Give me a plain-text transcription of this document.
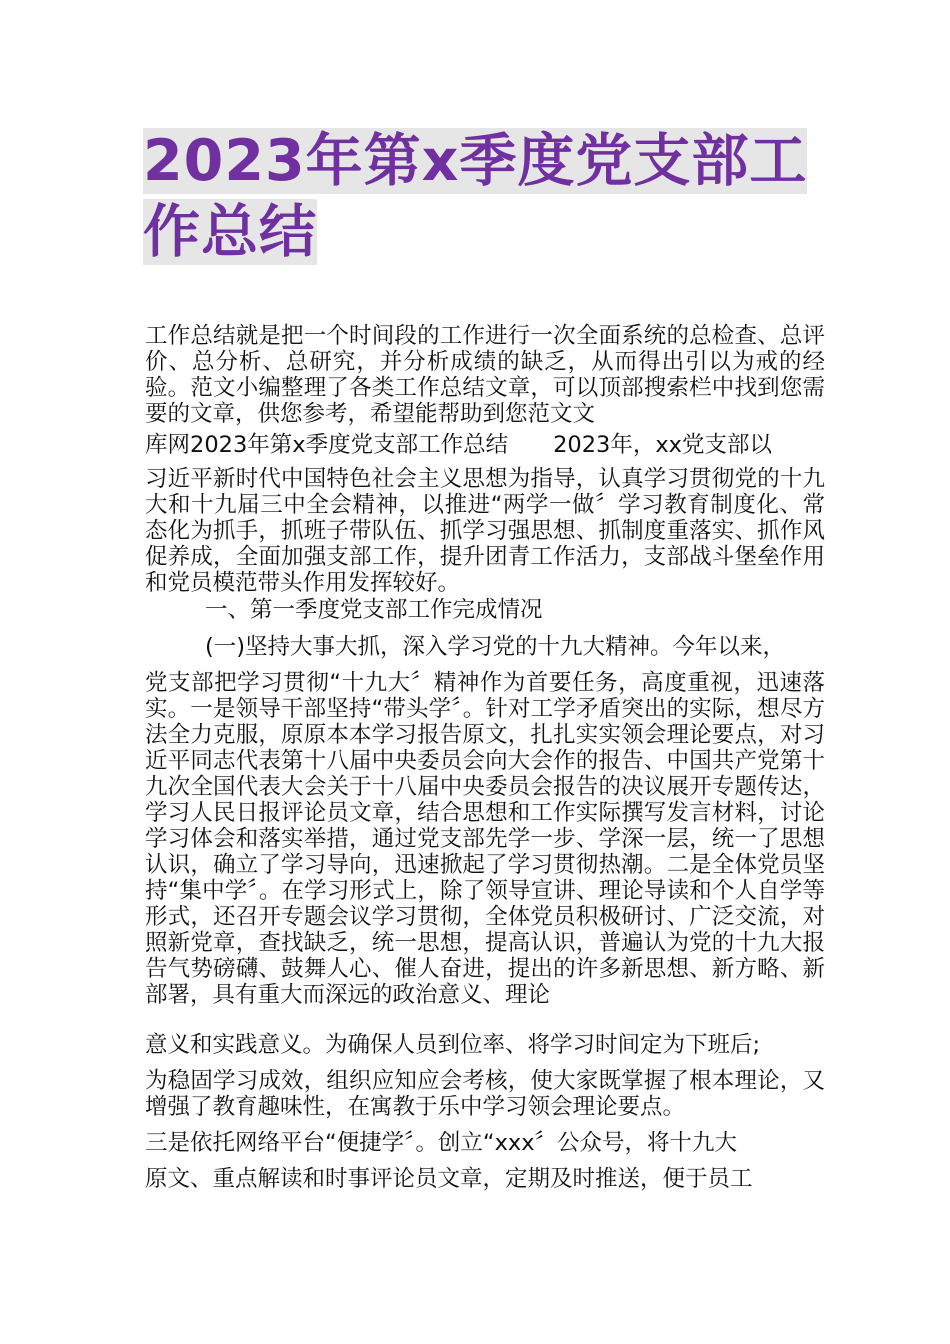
2023年第x季度党支部工作总结

工作总结就是把一个时间段的工作进行一次全面系统的总检查、总评价、总分析、总研究，并分析成绩的缺乏，从而得出引以为戒的经验。范文小编整理了各类工作总结文章，可以顶部搜索栏中找到您需要的文章，供您参考，希望能帮助到您范文文

库网2023年第x季度党支部工作总结　　2023年，xx党支部以

习近平新时代中国特色社会主义思想为指导，认真学习贯彻党的十九大和十九届三中全会精神，以推进“两学一做〞学习教育制度化、常态化为抓手，抓班子带队伍、抓学习强思想、抓制度重落实、抓作风促养成，全面加强支部工作，提升团青工作活力，支部战斗堡垒作用和党员模范带头作用发挥较好。

一、第一季度党支部工作完成情况

(一)坚持大事大抓，深入学习党的十九大精神。今年以来，

党支部把学习贯彻“十九大〞精神作为首要任务，高度重视，迅速落实。一是领导干部坚持“带头学〞。针对工学矛盾突出的实际，想尽方法全力克服，原原本本学习报告原文，扎扎实实领会理论要点，对习近平同志代表第十八届中央委员会向大会作的报告、中国共产党第十九次全国代表大会关于十八届中央委员会报告的决议展开专题传达，学习人民日报评论员文章，结合思想和工作实际撰写发言材料，讨论学习体会和落实举措，通过党支部先学一步、学深一层，统一了思想认识，确立了学习导向，迅速掀起了学习贯彻热潮。二是全体党员坚持“集中学〞。在学习形式上，除了领导宣讲、理论导读和个人自学等形式，还召开专题会议学习贯彻，全体党员积极研讨、广泛交流，对照新党章，查找缺乏，统一思想，提高认识，普遍认为党的十九大报告气势磅礴、鼓舞人心、催人奋进，提出的许多新思想、新方略、新部署，具有重大而深远的政治意义、理论

意义和实践意义。为确保人员到位率、将学习时间定为下班后;

为稳固学习成效，组织应知应会考核，使大家既掌握了根本理论，又增强了教育趣味性，在寓教于乐中学习领会理论要点。

三是依托网络平台“便捷学〞。创立“xxx〞公众号，将十九大

原文、重点解读和时事评论员文章，定期及时推送，便于员工
